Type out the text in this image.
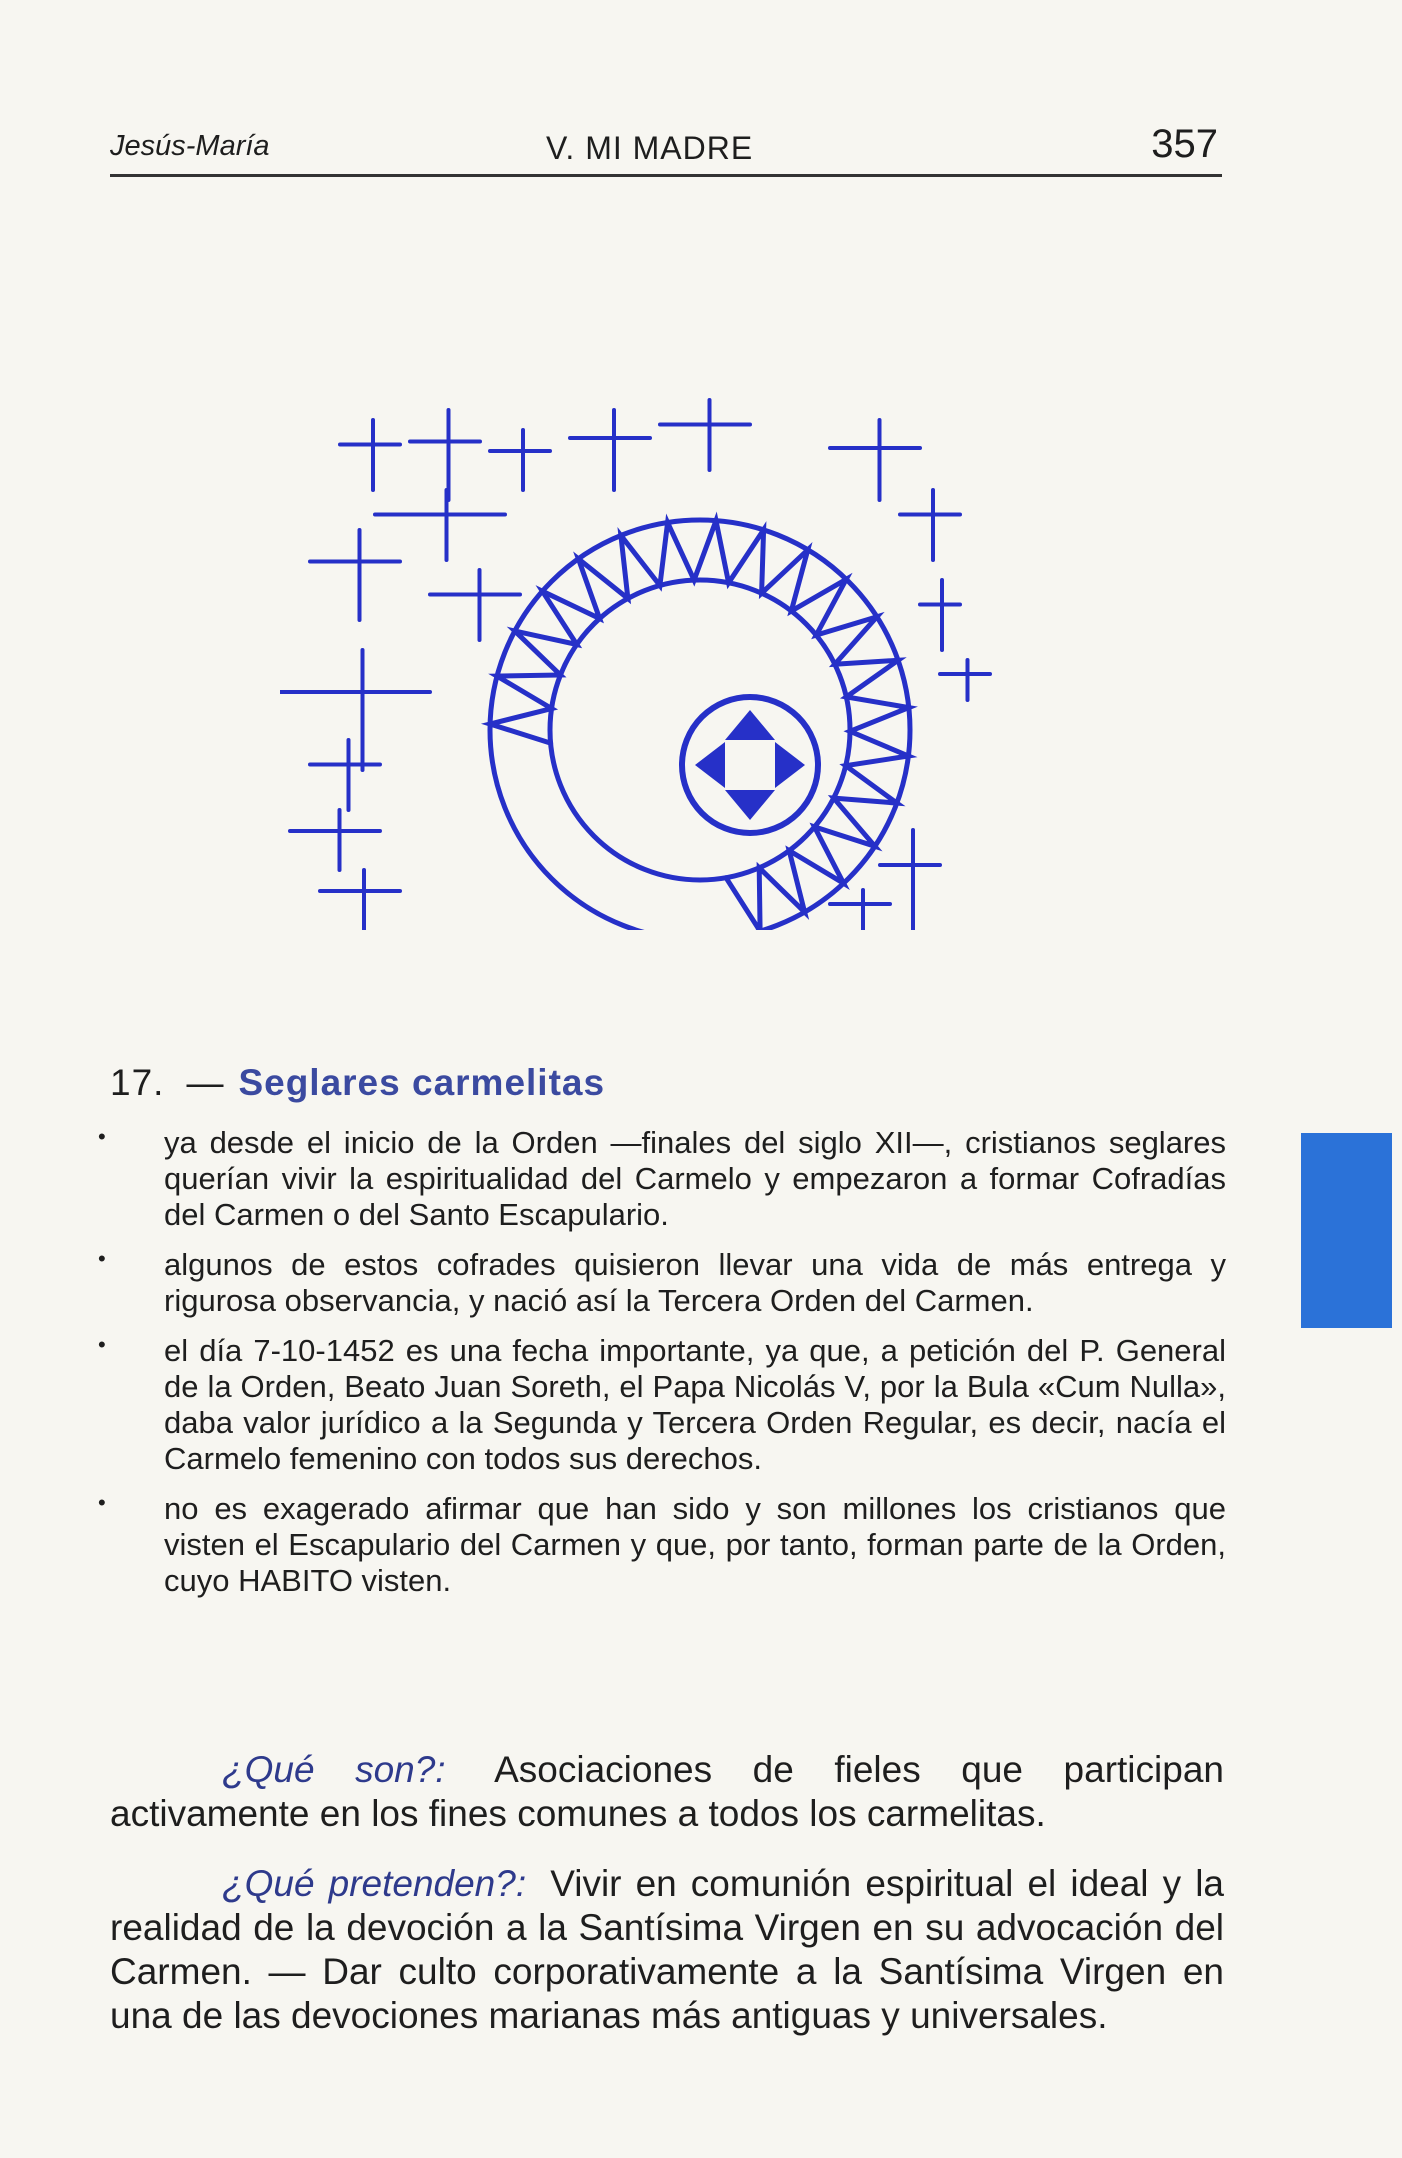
Jesús-María	V. MI MADRE	357
17. — Seglares carmelitas
• ya desde el inicio de la Orden —finales del siglo XII—, cristianos seglares querían vivir la espiritualidad del Carmelo y empezaron a formar Cofradías del Carmen o del Santo Escapulario.
• algunos de estos cofrades quisieron llevar una vida de más entrega y rigurosa observancia, y nació así la Tercera Orden del Carmen.
• el día 7-10-1452 es una fecha importante, ya que, a petición del P. General de la Orden, Beato Juan Soreth, el Papa Nicolás V, por la Bula «Cum Nulla», daba valor jurídico a la Segunda y Tercera Orden Regular, es decir, nacía el Carmelo femenino con todos sus derechos.
• no es exagerado afirmar que han sido y son millones los cristianos que visten el Escapulario del Carmen y que, por tanto, forman parte de la Orden, cuyo HABITO visten.

¿Qué son?: Asociaciones de fieles que participan activamente en los fines comunes a todos los carmelitas.

¿Qué pretenden?: Vivir en comunión espiritual el ideal y la realidad de la devoción a la Santísima Virgen en su advocación del Carmen. — Dar culto corporativamente a la Santísima Virgen en una de las devociones marianas más antiguas y universales.
